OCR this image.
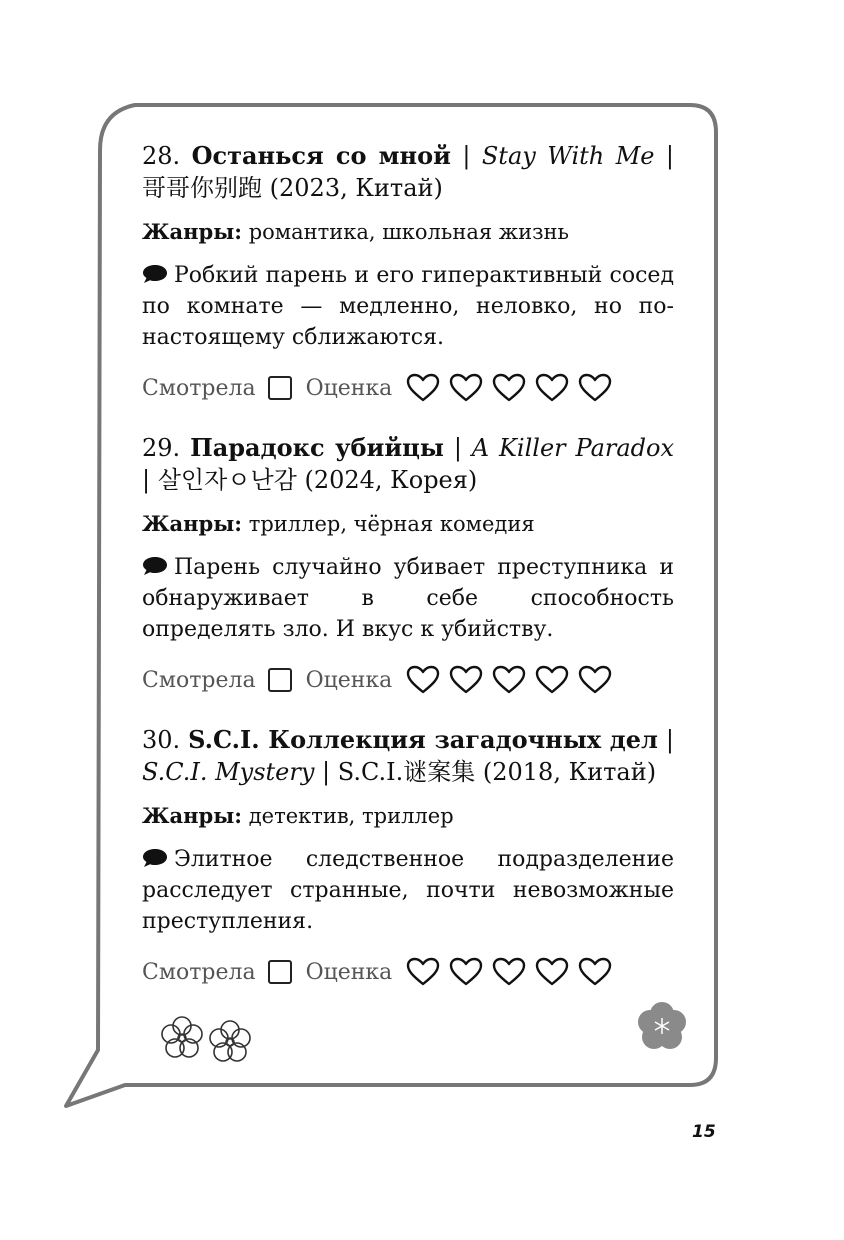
28. Останься со мной | Stay With Me | 哥哥你别跑 (2023, Китай)

Жанры: романтика, школьная жизнь

Робкий парень и его гиперактивный сосед по комнате — медленно, неловко, но по-настоящему сближаются.

Смотрела Оценка

29. Парадокс убийцы | A Killer Paradox | 살인자ㅇ난감 (2024, Корея)

Жанры: триллер, чёрная комедия

Парень случайно убивает преступника и обнаруживает в себе способность определять зло. И вкус к убийству.

Смотрела Оценка

30. S.C.I. Коллекция загадочных дел | S.C.I. Mystery | S.C.I.谜案集 (2018, Китай)

Жанры: детектив, триллер

Элитное следственное подразделение расследует странные, почти невозможные преступления.

Смотрела Оценка
15
